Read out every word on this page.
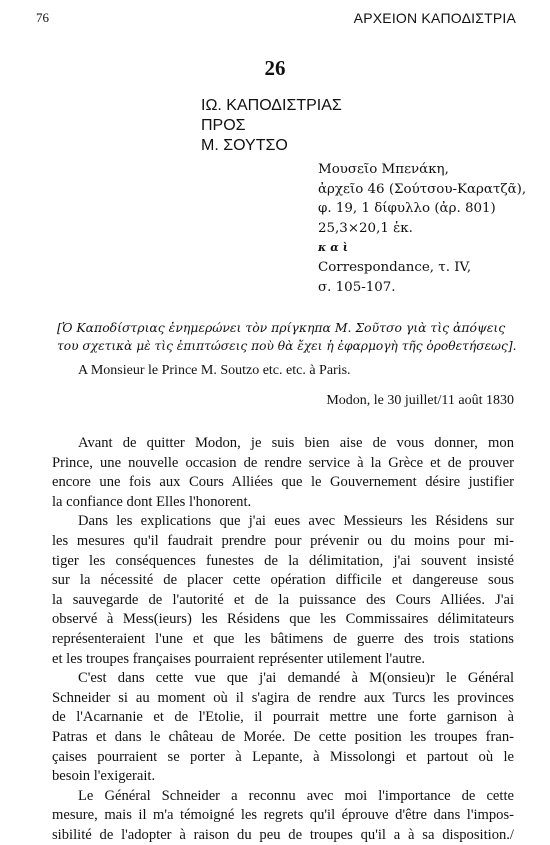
76	ΑΡΧΕΙΟΝ ΚΑΠΟΔΙΣΤΡΙΑ
26
ΙΩ. ΚΑΠΟΔΙΣΤΡΙΑΣ
ΠΡΟΣ
Μ. ΣΟΥΤΣΟ
Μουσεῖο Μπενάκη,
ἀρχεῖο 46 (Σούτσου-Καρατζᾶ),
φ. 19, 1 δίφυλλο (ἀρ. 801)
25,3×20,1 ἑκ.
καὶ
Correspondance, τ. IV,
σ. 105-107.
[Ὁ Καποδίστριας ἐνημερώνει τὸν πρίγκηπα Μ. Σοῦτσο γιὰ τὶς ἀπόψεις
του σχετικὰ μὲ τὶς ἐπιπτώσεις ποὺ θὰ ἔχει ἡ ἐφαρμογὴ τῆς ὁροθετήσεως].
A Monsieur le Prince M. Soutzo etc. etc. à Paris.
Modon, le 30 juillet/11 août 1830
Avant de quitter Modon, je suis bien aise de vous donner, mon
Prince, une nouvelle occasion de rendre service à la Grèce et de prouver
encore une fois aux Cours Alliées que le Gouvernement désire justifier
la confiance dont Elles l'honorent.
Dans les explications que j'ai eues avec Messieurs les Résidens sur
les mesures qu'il faudrait prendre pour prévenir ou du moins pour mi-
tiger les conséquences funestes de la délimitation, j'ai souvent insisté
sur la nécessité de placer cette opération difficile et dangereuse sous
la sauvegarde de l'autorité et de la puissance des Cours Alliées. J'ai
observé à Mess(ieurs) les Résidens que les Commissaires délimitateurs
représenteraient l'une et que les bâtimens de guerre des trois stations
et les troupes françaises pourraient représenter utilement l'autre.
C'est dans cette vue que j'ai demandé à M(onsieu)r le Général
Schneider si au moment où il s'agira de rendre aux Turcs les provinces
de l'Acarnanie et de l'Etolie, il pourrait mettre une forte garnison à
Patras et dans le château de Morée. De cette position les troupes fran-
çaises pourraient se porter à Lepante, à Missolongi et partout où le
besoin l'exigerait.
Le Général Schneider a reconnu avec moi l'importance de cette
mesure, mais il m'a témoigné les regrets qu'il éprouve d'être dans l'impos-
sibilité de l'adopter à raison du peu de troupes qu'il a à sa disposition./
